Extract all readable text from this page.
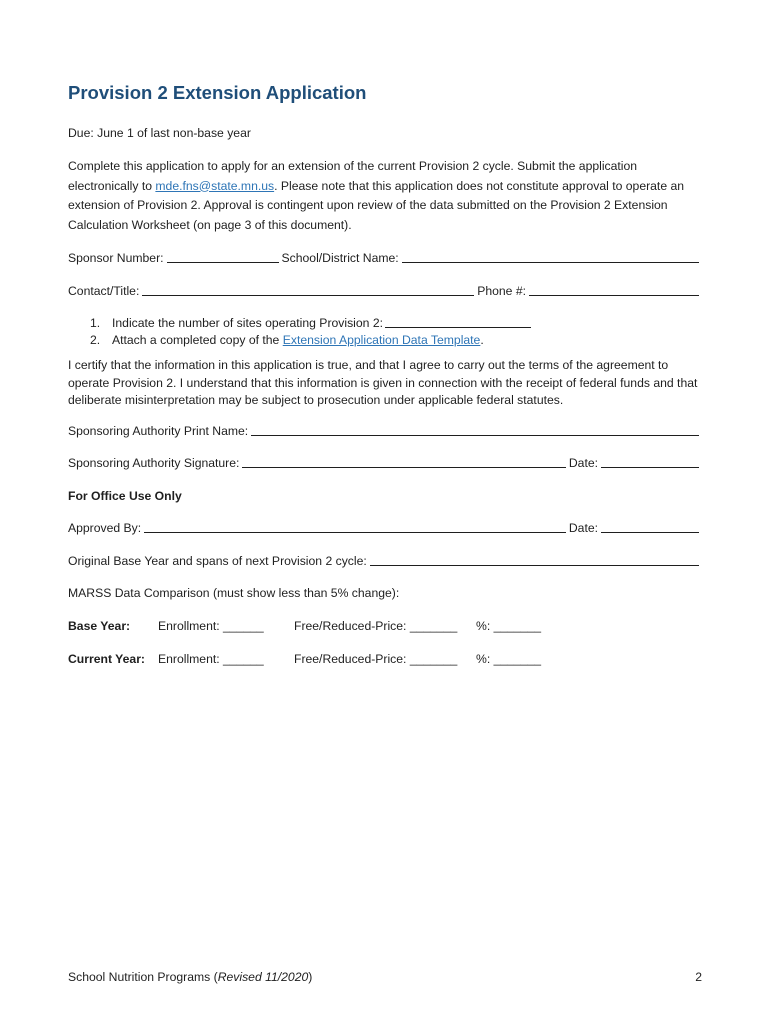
Provision 2 Extension Application
Due: June 1 of last non-base year
Complete this application to apply for an extension of the current Provision 2 cycle. Submit the application electronically to mde.fns@state.mn.us. Please note that this application does not constitute approval to operate an extension of Provision 2. Approval is contingent upon review of the data submitted on the Provision 2 Extension Calculation Worksheet (on page 3 of this document).
Sponsor Number:	School/District Name:
Contact/Title:	Phone #:
1. Indicate the number of sites operating Provision 2:
2. Attach a completed copy of the Extension Application Data Template.
I certify that the information in this application is true, and that I agree to carry out the terms of the agreement to operate Provision 2. I understand that this information is given in connection with the receipt of federal funds and that deliberate misinterpretation may be subject to prosecution under applicable federal statutes.
Sponsoring Authority Print Name:
Sponsoring Authority Signature:	Date:
For Office Use Only
Approved By:	Date:
Original Base Year and spans of next Provision 2 cycle:
MARSS Data Comparison (must show less than 5% change):
Base Year: Enrollment: ______ Free/Reduced-Price: _______ %: _______
Current Year: Enrollment: ______ Free/Reduced-Price: _______ %: _______
School Nutrition Programs (Revised 11/2020)	2
